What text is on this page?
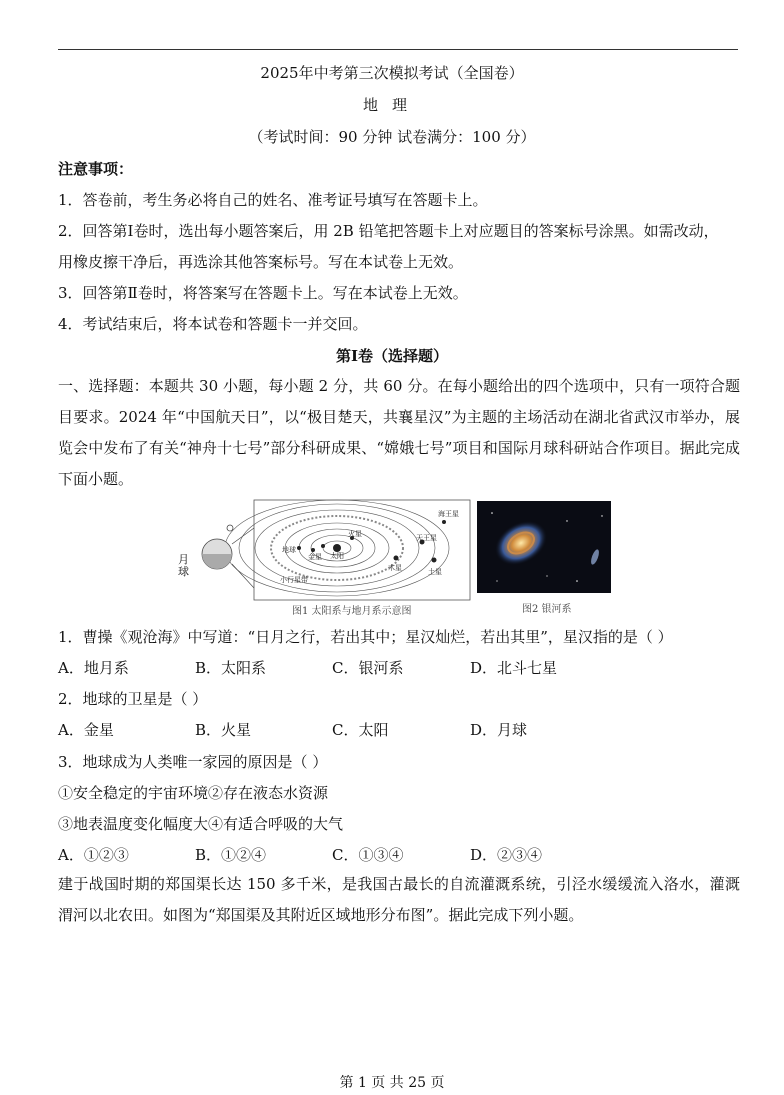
2025年中考第三次模拟考试（全国卷）
地理
（考试时间：90 分钟 试卷满分：100 分）
注意事项：
1．答卷前，考生务必将自己的姓名、准考证号填写在答题卡上。
2．回答第Ⅰ卷时，选出每小题答案后，用 2B 铅笔把答题卡上对应题目的答案标号涂黑。如需改动，
用橡皮擦干净后，再选涂其他答案标号。写在本试卷上无效。
3．回答第Ⅱ卷时，将答案写在答题卡上。写在本试卷上无效。
4．考试结束后，将本试卷和答题卡一并交回。
第Ⅰ卷（选择题）
一、选择题：本题共 30 小题，每小题 2 分，共 60 分。在每小题给出的四个选项中，只有一项符合题目要求。2024 年“中国航天日”，以“极目楚天，共襄星汉”为主题的主场活动在湖北省武汉市举办，展览会中发布了有关“神舟十七号”部分科研成果、“嫦娥七号”项目和国际月球科研站合作项目。据此完成下面小题。
太阳
地球
金星
火星
木星	土星
天王星
海王星
小行星带
月球
图1 太阳系与地月系示意图	图2 银河系
1．曹操《观沧海》中写道：“日月之行，若出其中；星汉灿烂，若出其里”，星汉指的是（ ）
A．地月系	B．太阳系	C．银河系	D．北斗七星
2．地球的卫星是（ ）
A．金星	B．火星	C．太阳	D．月球
3．地球成为人类唯一家园的原因是（ ）
①安全稳定的宇宙环境②存在液态水资源
③地表温度变化幅度大④有适合呼吸的大气
A．①②③	B．①②④	C．①③④	D．②③④
建于战国时期的郑国渠长达 150 多千米，是我国古最长的自流灌溉系统，引泾水缓缓流入洛水，灌溉渭河以北农田。如图为“郑国渠及其附近区域地形分布图”。据此完成下列小题。
第 1 页 共 25 页
